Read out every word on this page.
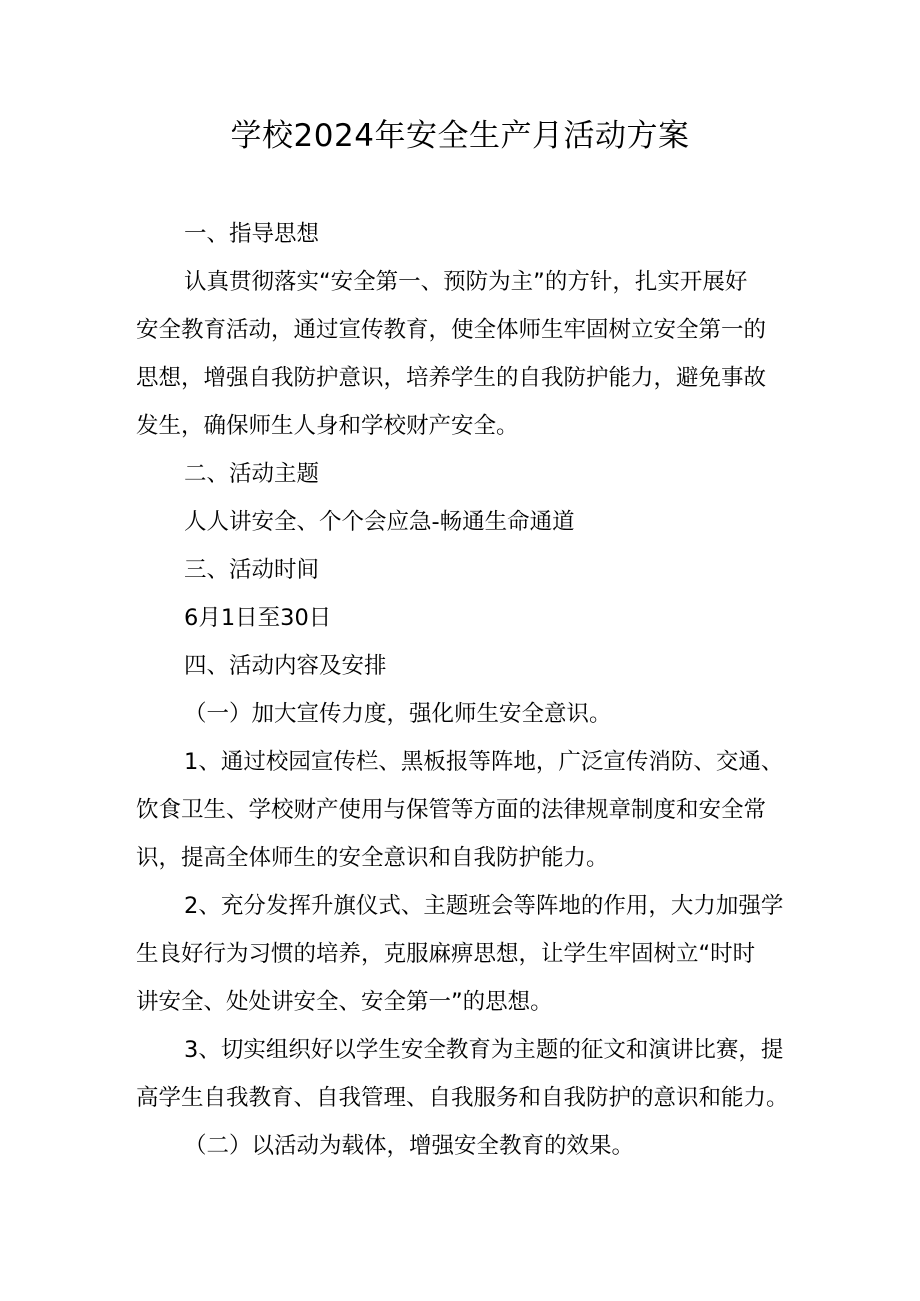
学校2024年安全生产月活动方案
一、指导思想
认真贯彻落实“安全第一、预防为主”的方针，扎实开展好
安全教育活动，通过宣传教育，使全体师生牢固树立安全第一的
思想，增强自我防护意识，培养学生的自我防护能力，避免事故
发生，确保师生人身和学校财产安全。
二、活动主题
人人讲安全、个个会应急-畅通生命通道
三、活动时间
6月1日至30日
四、活动内容及安排
（一）加大宣传力度，强化师生安全意识。
1、通过校园宣传栏、黑板报等阵地，广泛宣传消防、交通、
饮食卫生、学校财产使用与保管等方面的法律规章制度和安全常
识，提高全体师生的安全意识和自我防护能力。
2、充分发挥升旗仪式、主题班会等阵地的作用，大力加强学
生良好行为习惯的培养，克服麻痹思想，让学生牢固树立“时时
讲安全、处处讲安全、安全第一”的思想。
3、切实组织好以学生安全教育为主题的征文和演讲比赛，提
高学生自我教育、自我管理、自我服务和自我防护的意识和能力。
（二）以活动为载体，增强安全教育的效果。
